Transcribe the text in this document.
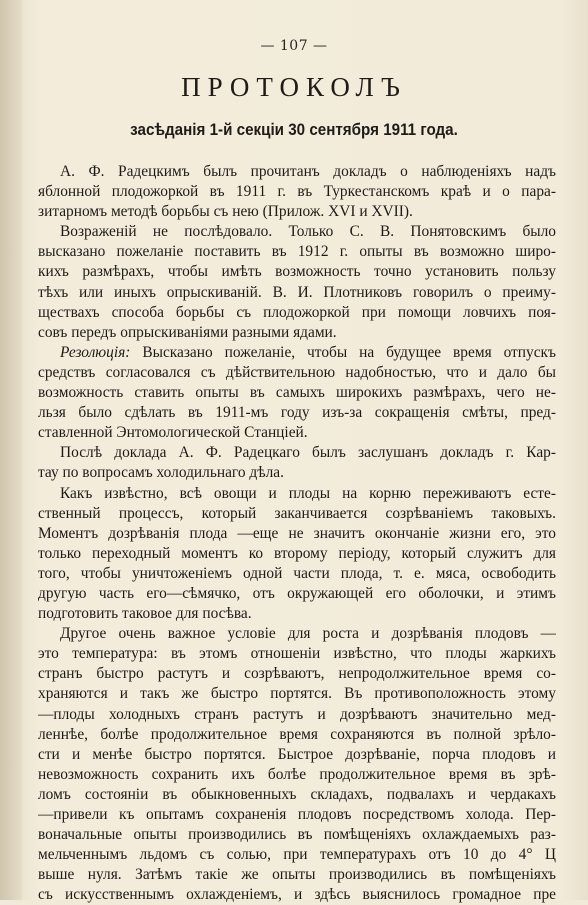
— 107 —
ПРОТОКОЛЪ
засѣданія 1-й секціи 30 сентября 1911 года.
А. Ф. Радецкимъ былъ прочитанъ докладъ о наблюденіяхъ надъ
яблонной плодожоркой въ 1911 г. въ Туркестанскомъ краѣ и о пара-
зитарномъ методѣ борьбы съ нею (Прилож. XVI и XVII).
Возраженій не послѣдовало. Только С. В. Понятовскимъ было
высказано пожеланіе поставить въ 1912 г. опыты въ возможно широ-
кихъ размѣрахъ, чтобы имѣть возможность точно установить пользу
тѣхъ или иныхъ опрыскиваній. В. И. Плотниковъ говорилъ о преиму-
ществахъ способа борьбы съ плодожоркой при помощи ловчихъ поя-
совъ передъ опрыскиваніями разными ядами.
Резолюція: Высказано пожеланіе, чтобы на будущее время отпускъ
средствъ согласовался съ дѣйствительною надобностью, что и дало бы
возможность ставить опыты въ самыхъ широкихъ размѣрахъ, чего не-
льзя было сдѣлать въ 1911-мъ году изъ-за сокращенія смѣты, пред-
ставленной Энтомологической Станціей.
Послѣ доклада А. Ф. Радецкаго былъ заслушанъ докладъ г. Кар-
тау по вопросамъ холодильнаго дѣла.
Какъ извѣстно, всѣ овощи и плоды на корню переживаютъ есте-
ственный процессъ, который заканчивается созрѣваніемъ таковыхъ.
Моментъ дозрѣванія плода —еще не значитъ окончаніе жизни его, это
только переходный моментъ ко второму періоду, который служитъ для
того, чтобы уничтоженіемъ одной части плода, т. е. мяса, освободить
другую часть его—сѣмячко, отъ окружающей его оболочки, и этимъ
подготовить таковое для посѣва.
Другое очень важное условіе для роста и дозрѣванія плодовъ —
это температура: въ этомъ отношеніи извѣстно, что плоды жаркихъ
странъ быстро растутъ и созрѣваютъ, непродолжительное время со-
храняются и такъ же быстро портятся. Въ противоположность этому
—плоды холодныхъ странъ растутъ и дозрѣваютъ значительно мед-
леннѣе, болѣе продолжительное время сохраняются въ полной зрѣло-
сти и менѣе быстро портятся. Быстрое дозрѣваніе, порча плодовъ и
невозможность сохранить ихъ болѣе продолжительное время въ зрѣ-
ломъ состояніи въ обыкновенныхъ складахъ, подвалахъ и чердакахъ
—привели къ опытамъ сохраненія плодовъ посредствомъ холода. Пер-
воначальные опыты производились въ помѣщеніяхъ охлаждаемыхъ раз-
мельченнымъ льдомъ съ солью, при температурахъ отъ 10 до 4° Ц
выше нуля. Затѣмъ такіе же опыты производились въ помѣщеніяхъ
съ искусственнымъ охлажденіемъ, и здѣсь выяснилось громадное пре
